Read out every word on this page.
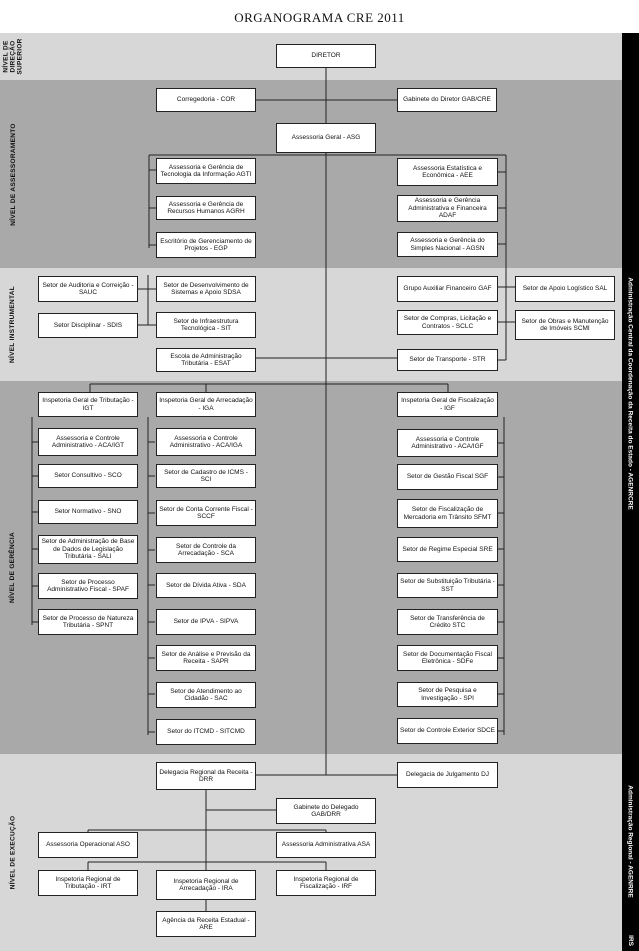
ORGANOGRAMA CRE 2011
NÍVEL DE DIREÇÃO SUPERIOR
NÍVEL DE ASSESSORAMENTO
NÍVEL INSTRUMENTAL
NÍVEL DE GERÊNCIA
NÍVEL DE EXECUÇÃO
Administração Central da Coordenação da Receita do Estado - AGENRCRE
Administração Regional - AGENRRE
IRS
DIRETOR
Corregedoria - COR	Gabinete do Diretor GAB/CRE
Assessoria Geral - ASG
Assessoria e Gerência de Tecnologia da Informação AGTI
Assessoria Estatística e Econômica - AEE
Assessoria e Gerência de Recursos Humanos AGRH
Assessoria e Gerência Administrativa e Financeira ADAF
Escritório de Gerenciamento de Projetos - EGP
Assessoria e Gerência do Simples Nacional - AGSN
Setor de Auditoria e Correição - SAUC
Setor de Desenvolvimento de Sistemas e Apoio SDSA
Grupo Auxiliar Financeiro GAF	Setor de Apoio Logístico SAL
Setor Disciplinar - SDIS
Setor de Infraestrutura Tecnológica - SIT
Setor de Compras, Licitação e Contratos - SCLC
Setor de Obras e Manutenção de Imóveis SCMI
Escola de Administração Tributária - ESAT
Setor de Transporte - STR
Inspetoria Geral de Tributação - IGT
Assessoria e Controle Administrativo - ACA/IGT
Setor Consultivo - SCO
Setor Normativo - SNO
Setor de Administração de Base de Dados de Legislação Tributária - SALI
Setor de Processo Administrativo Fiscal - SPAF
Setor de Processo de Natureza Tributária - SPNT
Inspetoria Geral de Arrecadação - IGA
Assessoria e Controle Administrativo - ACA/IGA
Setor de Cadastro de ICMS - SCI
Setor de Conta Corrente Fiscal - SCCF
Setor de Controle da Arrecadação - SCA
Setor de Dívida Ativa - SDA
Setor de IPVA - SIPVA
Setor de Análise e Previsão da Receita - SAPR
Setor de Atendimento ao Cidadão - SAC
Setor do ITCMD - SITCMD
Inspetoria Geral de Fiscalização - IGF
Assessoria e Controle Administrativo - ACA/IGF
Setor de Gestão Fiscal SGF
Setor de Fiscalização de Mercadoria em Trânsito SFMT
Setor de Regime Especial SRE
Setor de Substituição Tributária - SST
Setor de Transferência de Crédito STC
Setor de Documentação Fiscal Eletrônica - SDFe
Setor de Pesquisa e Investigação - SPI
Setor de Controle Exterior SDCE
Delegacia Regional da Receita - DRR
Delegacia de Julgamento DJ
Gabinete do Delegado GAB/DRR
Assessoria Operacional ASO	Assessoria Administrativa ASA
Inspetoria Regional de Tributação - IRT
Inspetoria Regional de Arrecadação - IRA
Inspetoria Regional de Fiscalização - IRF
Agência da Receita Estadual - ARE
